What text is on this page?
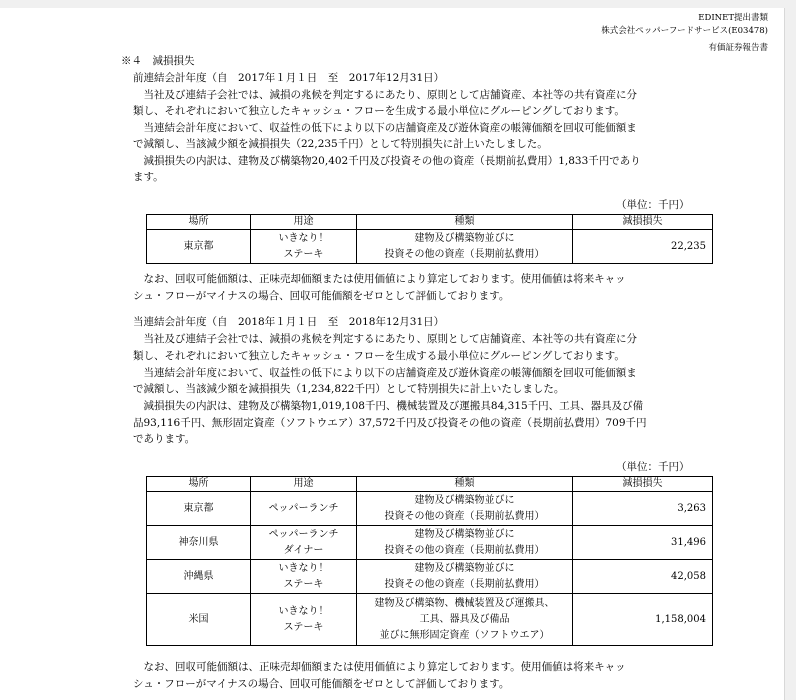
EDINET提出書類
株式会社ペッパーフードサービス(E03478)
有価証券報告書
※４　減損損失
前連結会計年度（自　2017年１月１日　至　2017年12月31日）
　当社及び連結子会社では、減損の兆候を判定するにあたり、原則として店舗資産、本社等の共有資産に分
類し、それぞれにおいて独立したキャッシュ・フローを生成する最小単位にグルーピングしております。
　当連結会計年度において、収益性の低下により以下の店舗資産及び遊休資産の帳簿価額を回収可能価額ま
で減額し、当該減少額を減損損失（22,235千円）として特別損失に計上いたしました。
　減損損失の内訳は、建物及び構築物20,402千円及び投資その他の資産（長期前払費用）1,833千円であり
ます。
（単位：千円）
場所	用途	種類	減損損失
東京都	いきなり！
ステーキ	建物及び構築物並びに
投資その他の資産（長期前払費用）	22,235
　なお、回収可能価額は、正味売却価額または使用価値により算定しております。使用価値は将来キャッ
シュ・フローがマイナスの場合、回収可能価額をゼロとして評価しております。
当連結会計年度（自　2018年１月１日　至　2018年12月31日）
　当社及び連結子会社では、減損の兆候を判定するにあたり、原則として店舗資産、本社等の共有資産に分
類し、それぞれにおいて独立したキャッシュ・フローを生成する最小単位にグルーピングしております。
　当連結会計年度において、収益性の低下により以下の店舗資産及び遊休資産の帳簿価額を回収可能価額ま
で減額し、当該減少額を減損損失（1,234,822千円）として特別損失に計上いたしました。
　減損損失の内訳は、建物及び構築物1,019,108千円、機械装置及び運搬具84,315千円、工具、器具及び備
品93,116千円、無形固定資産（ソフトウエア）37,572千円及び投資その他の資産（長期前払費用）709千円
であります。
（単位：千円）
場所	用途	種類	減損損失
東京都	ペッパーランチ	建物及び構築物並びに
投資その他の資産（長期前払費用）	3,263
神奈川県	ペッパーランチ
ダイナー	建物及び構築物並びに
投資その他の資産（長期前払費用）	31,496
沖縄県	いきなり！
ステーキ	建物及び構築物並びに
投資その他の資産（長期前払費用）	42,058
米国	いきなり！
ステーキ	建物及び構築物、機械装置及び運搬具、
工具、器具及び備品
並びに無形固定資産（ソフトウエア）	1,158,004
　なお、回収可能価額は、正味売却価額または使用価値により算定しております。使用価値は将来キャッ
シュ・フローがマイナスの場合、回収可能価額をゼロとして評価しております。
